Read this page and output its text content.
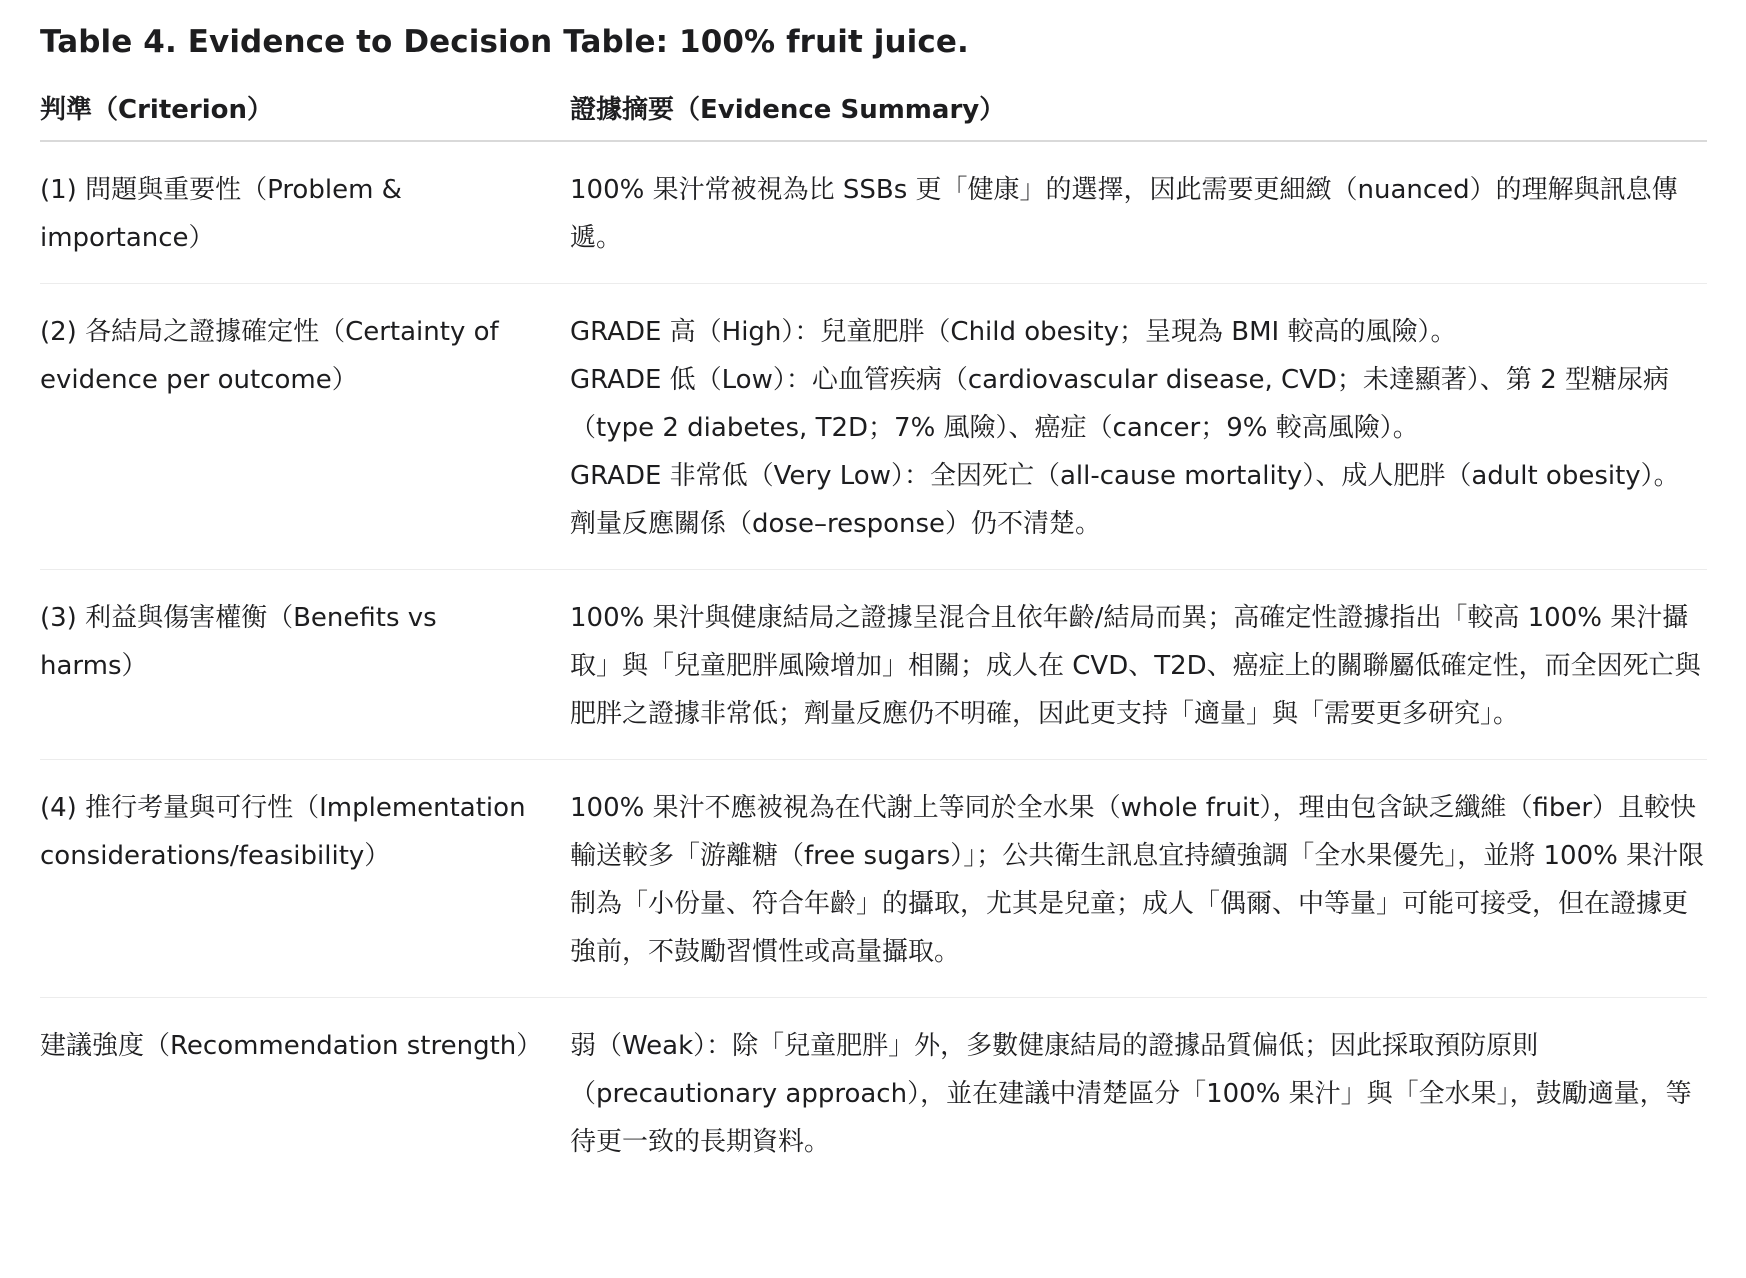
Table 4. Evidence to Decision Table: 100% fruit juice.
判準（Criterion）	證據摘要（Evidence Summary）
(1) 問題與重要性（Problem & importance）	100% 果汁常被視為比 SSBs 更「健康」的選擇，因此需要更細緻（nuanced）的理解與訊息傳遞。

(2) 各結局之證據確定性（Certainty of evidence per outcome）	GRADE 高（High）：兒童肥胖（Child obesity；呈現為 BMI 較高的風險）。
GRADE 低（Low）：心血管疾病（cardiovascular disease, CVD；未達顯著）、第 2 型糖尿病（type 2 diabetes, T2D；7% 風險）、癌症（cancer；9% 較高風險）。
GRADE 非常低（Very Low）：全因死亡（all-cause mortality）、成人肥胖（adult obesity）。
劑量反應關係（dose–response）仍不清楚。

(3) 利益與傷害權衡（Benefits vs harms）	100% 果汁與健康結局之證據呈混合且依年齡/結局而異；高確定性證據指出「較高 100% 果汁攝取」與「兒童肥胖風險增加」相關；成人在 CVD、T2D、癌症上的關聯屬低確定性，而全因死亡與肥胖之證據非常低；劑量反應仍不明確，因此更支持「適量」與「需要更多研究」。

(4) 推行考量與可行性（Implementation considerations/feasibility）	100% 果汁不應被視為在代謝上等同於全水果（whole fruit），理由包含缺乏纖維（fiber）且較快輸送較多「游離糖（free sugars）」；公共衛生訊息宜持續強調「全水果優先」，並將 100% 果汁限制為「小份量、符合年齡」的攝取，尤其是兒童；成人「偶爾、中等量」可能可接受，但在證據更強前，不鼓勵習慣性或高量攝取。

建議強度（Recommendation strength）	弱（Weak）：除「兒童肥胖」外，多數健康結局的證據品質偏低；因此採取預防原則（precautionary approach），並在建議中清楚區分「100% 果汁」與「全水果」，鼓勵適量，等待更一致的長期資料。
